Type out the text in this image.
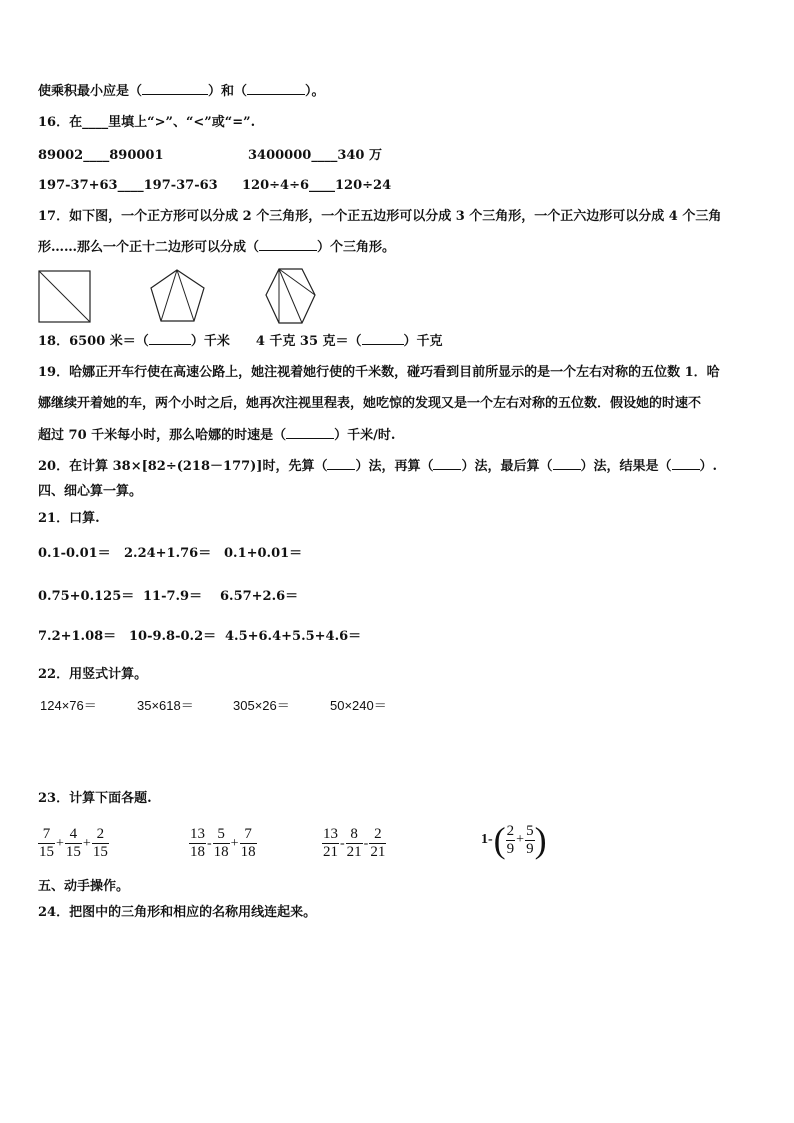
使乘积最小应是（	）和（	）。
16．在____里填上“>”、“<”或“=”.
89002____890001	3400000____340 万
197-37+63____197-37-63 120÷4÷6____120÷24
17．如下图，一个正方形可以分成 2 个三角形，一个正五边形可以分成 3 个三角形，一个正六边形可以分成 4 个三角
形……那么一个正十二边形可以分成（	）个三角形。
18．6500 米＝（	）千米 4 千克 35 克＝（	）千克
19．哈娜正开车行使在高速公路上，她注视着她行使的千米数，碰巧看到目前所显示的是一个左右对称的五位数 1．哈
娜继续开着她的车，两个小时之后，她再次注视里程表，她吃惊的发现又是一个左右对称的五位数．假设她的时速不
超过 70 千米每小时，那么哈娜的时速是（	）千米/时.
20．在计算 38×[82÷(218－177)]时，先算（ ）法，再算（ ）法，最后算（ ）法，结果是（ ）.
四、细心算一算。
21．口算.
0.1-0.01＝ 2.24+1.76＝ 0.1+0.01＝
0.75+0.125＝ 11-7.9＝ 6.57+2.6＝
7.2+1.08＝ 10-9.8-0.2＝ 4.5+6.4+5.5+4.6＝
22．用竖式计算。
124×76＝	35×618＝	305×26＝	50×240＝
23．计算下面各题.
$\frac{7}{15} + \frac{4}{15} + \frac{2}{15}$	$\frac{13}{18} - \frac{5}{18} + \frac{7}{18}$	$\frac{13}{21} - \frac{8}{21} - \frac{2}{21}$	$1-( \frac{2}{9} + \frac{5}{9}$ )
五、动手操作。
24．把图中的三角形和相应的名称用线连起来。
